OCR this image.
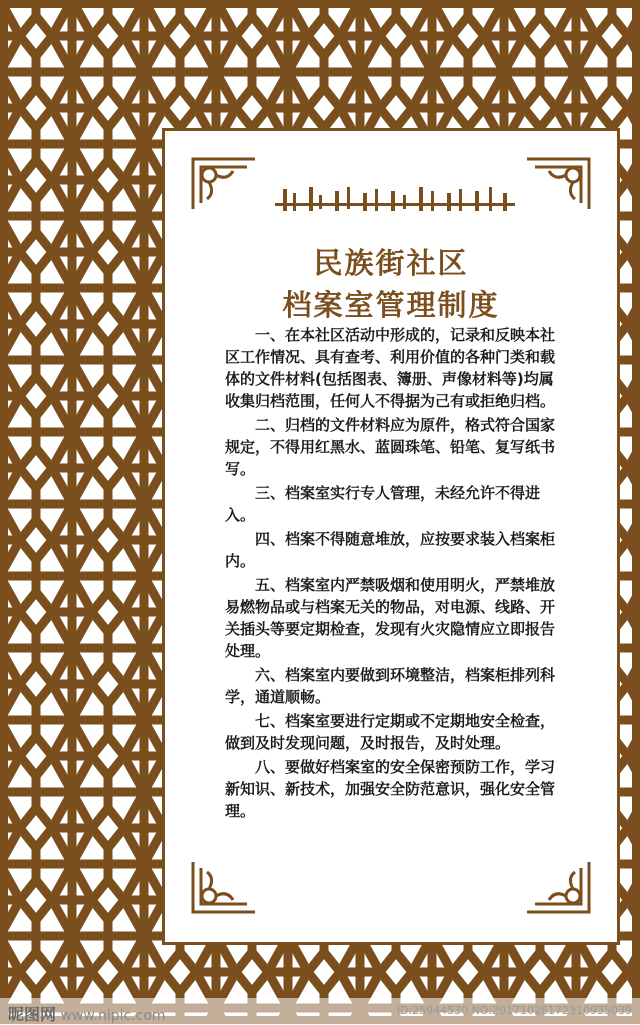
民族街社区
档案室管理制度

一、在本社区活动中形成的，记录和反映本社区工作情况、具有查考、利用价值的各种门类和载体的文件材料(包括图表、簿册、声像材料等)均属收集归档范围，任何人不得据为己有或拒绝归档。

二、归档的文件材料应为原件，格式符合国家规定，不得用红黑水、蓝圆珠笔、铅笔、复写纸书写。

三、档案室实行专人管理，未经允许不得进入。

四、档案不得随意堆放，应按要求装入档案柜内。

五、档案室内严禁吸烟和使用明火，严禁堆放易燃物品或与档案无关的物品，对电源、线路、开关插头等要定期检查，发现有火灾隐情应立即报告处理。

六、档案室内要做到环境整洁，档案柜排列科学，通道顺畅。

七、档案室要进行定期或不定期地安全检查，做到及时发现问题，及时报告，及时处理。

八、要做好档案室的安全保密预防工作，学习新知识、新技术，加强安全防范意识，强化安全管理。

昵图网 www.nipic.com	ID:25944530 NO:20171026172310935039
